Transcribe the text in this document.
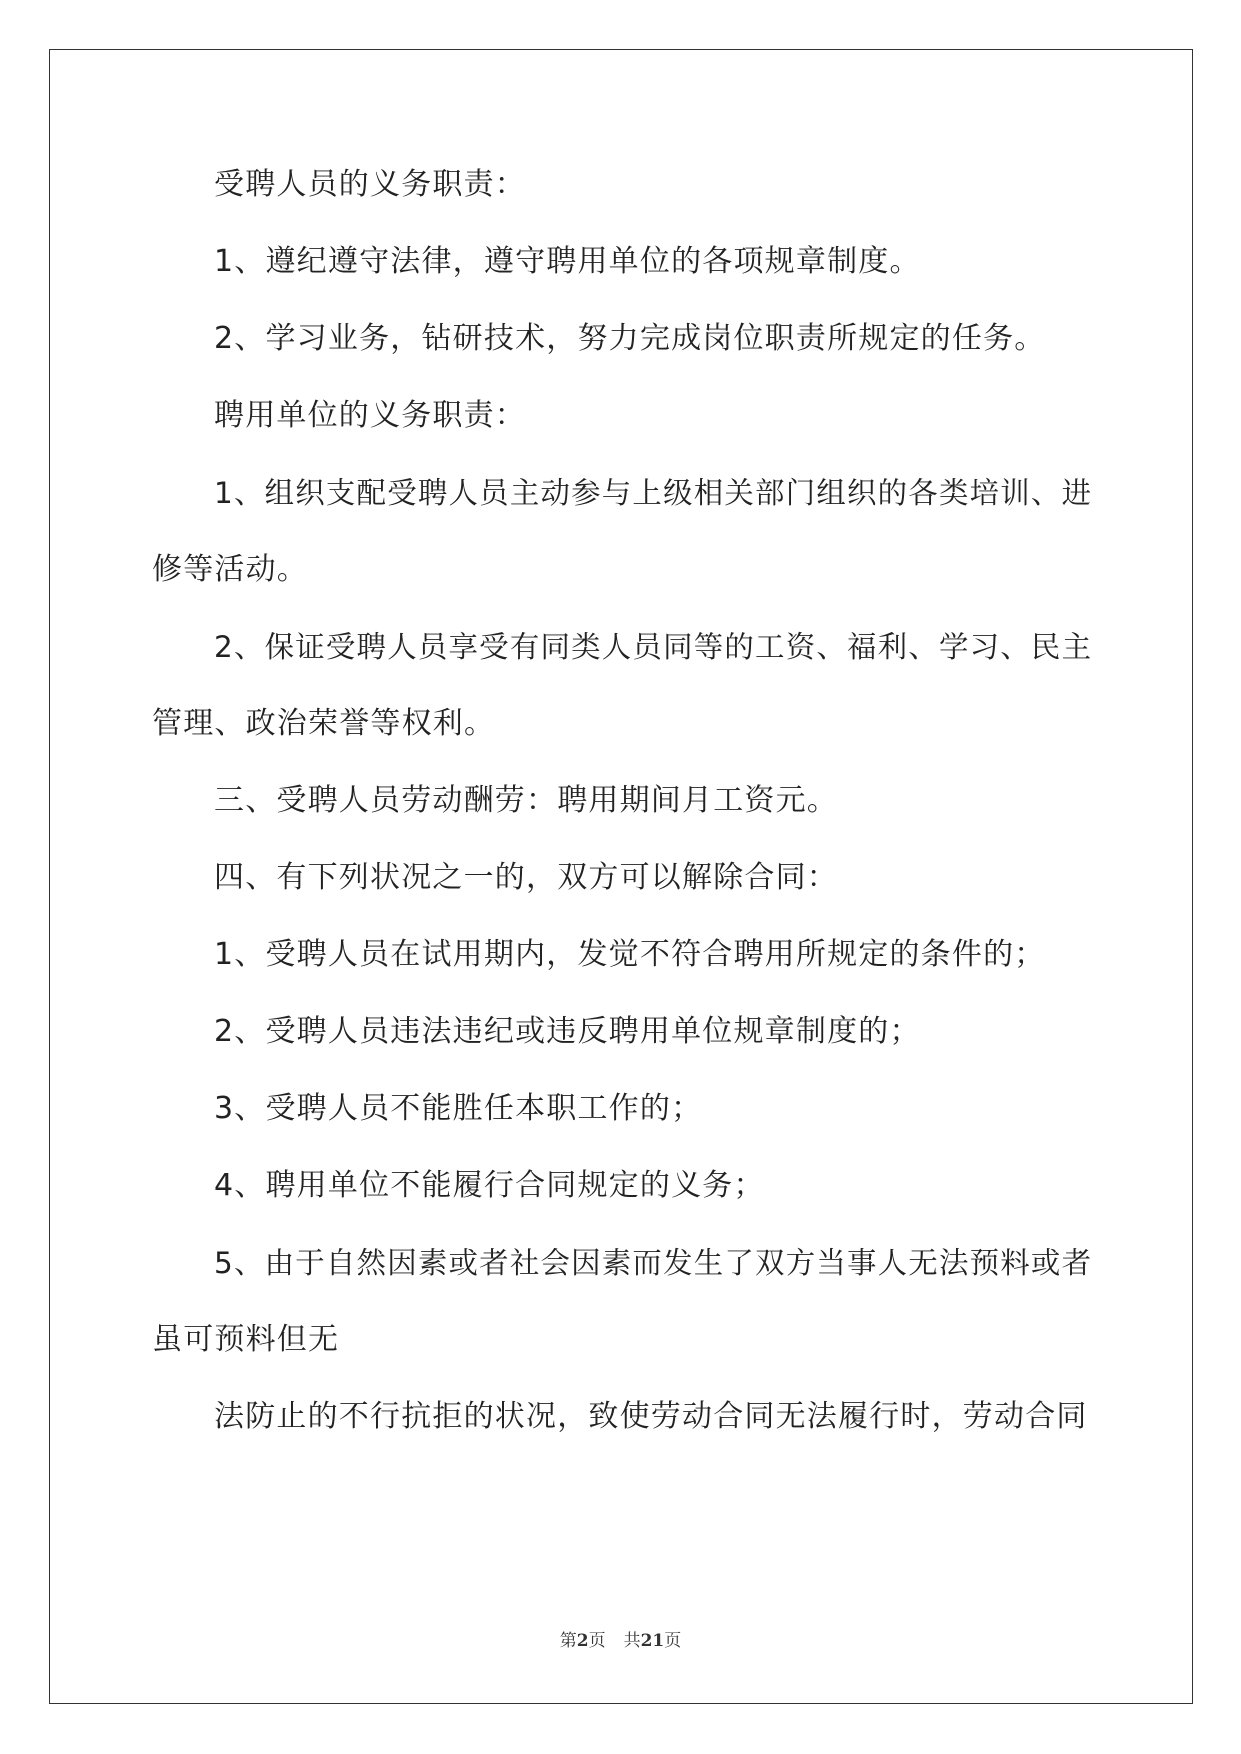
受聘人员的义务职责：
1、遵纪遵守法律，遵守聘用单位的各项规章制度。
2、学习业务，钻研技术，努力完成岗位职责所规定的任务。
聘用单位的义务职责：
1、组织支配受聘人员主动参与上级相关部门组织的各类培训、进
修等活动。
2、保证受聘人员享受有同类人员同等的工资、福利、学习、民主
管理、政治荣誉等权利。
三、受聘人员劳动酬劳：聘用期间月工资元。
四、有下列状况之一的，双方可以解除合同：
1、受聘人员在试用期内，发觉不符合聘用所规定的条件的；
2、受聘人员违法违纪或违反聘用单位规章制度的；
3、受聘人员不能胜任本职工作的；
4、聘用单位不能履行合同规定的义务；
5、由于自然因素或者社会因素而发生了双方当事人无法预料或者
虽可预料但无
法防止的不行抗拒的状况，致使劳动合同无法履行时，劳动合同
第2页 共21页
